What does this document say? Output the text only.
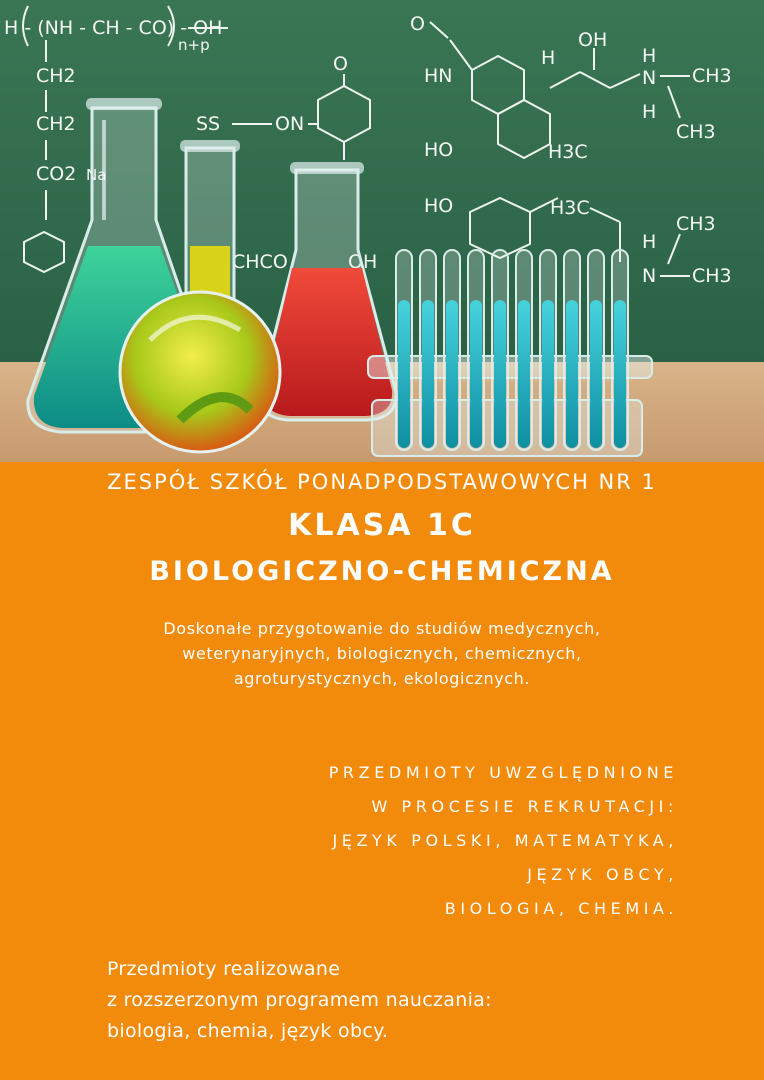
H - (NH - CH - CO) - OH
n+p
CH2
CH2
CO2 Na
SS	ON
O
O
HN
HO
HO
OH
H	H
H
N CH3
CH3
H3C
H3C
CH3
H
N CH3
CHCO	OH
ZESPÓŁ SZKÓŁ PONADPODSTAWOWYCH NR 1
KLASA 1C
BIOLOGICZNO-CHEMICZNA
Doskonałe przygotowanie do studiów medycznych,
weterynaryjnych, biologicznych, chemicznych,
agroturystycznych, ekologicznych.
PRZEDMIOTY UWZGLĘDNIONE
W PROCESIE REKRUTACJI:
JĘZYK POLSKI, MATEMATYKA,
JĘZYK OBCY,
BIOLOGIA, CHEMIA.
Przedmioty realizowane
z rozszerzonym programem nauczania:
biologia, chemia, język obcy.
